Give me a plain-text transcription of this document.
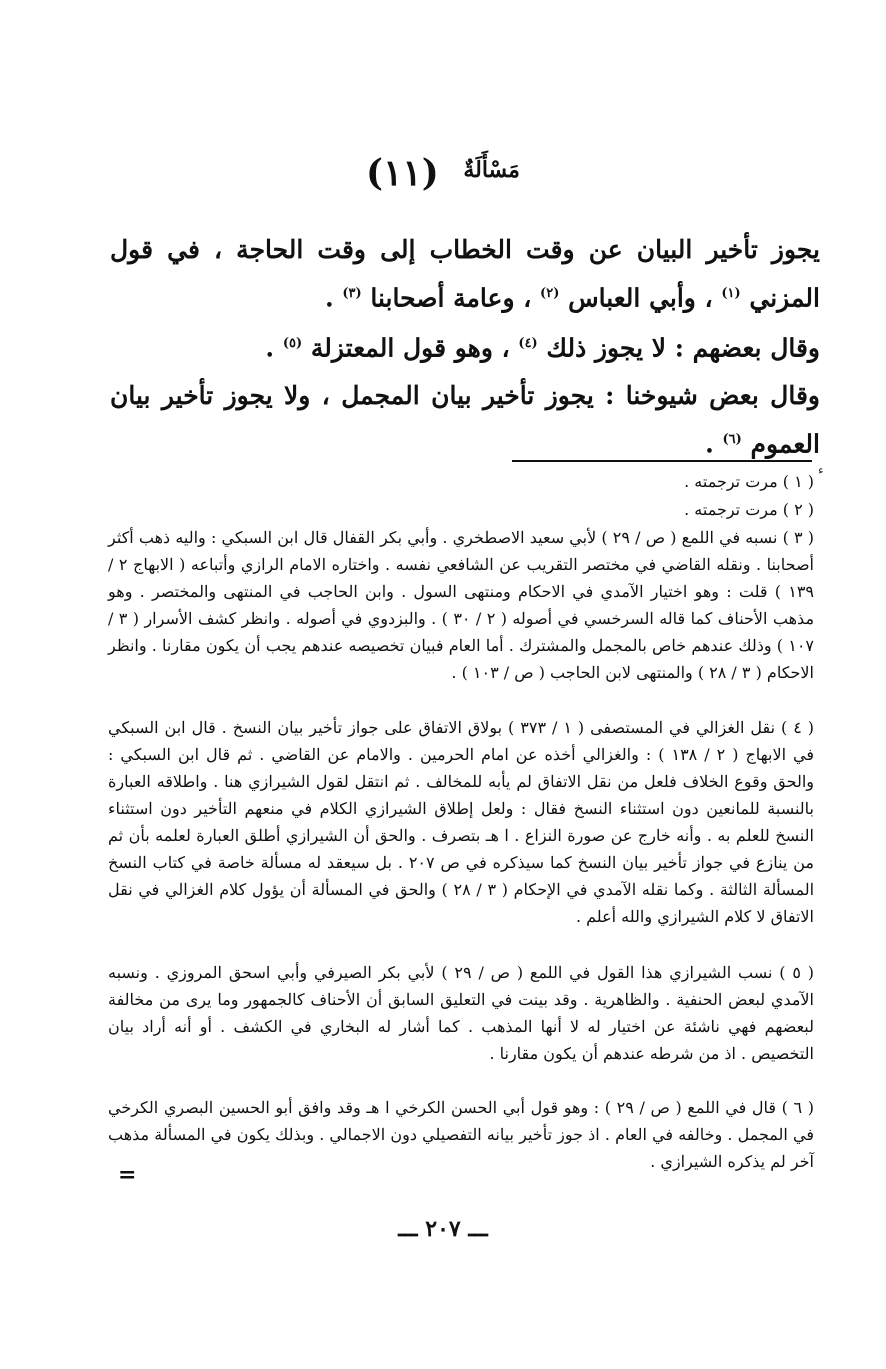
$^{مَسْأَلَةٌ}$ (١١)
يجوز تأخير البيان عن وقت الخطاب إلى وقت الحاجة ، في قول المزني $^{(١)}$ ، وأبي العباس $^{(٢)}$ ، وعامة أصحابنا $^{(٣)}$ .
وقال بعضهم : لا يجوز ذلك $^{(٤)}$ ، وهو قول المعتزلة $^{(٥)}$ .
وقال بعض شيوخنا : يجوز تأخير بيان المجمل ، ولا يجوز تأخير بيان العموم $^{(٦)}$ .
ء
( ١ ) مرت ترجمته .
( ٢ ) مرت ترجمته .
( ٣ ) نسبه في اللمع ( ص / ٢٩ ) لأبي سعيد الاصطخري . وأبي بكر القفال قال ابن السبكي : واليه ذهب أكثر أصحابنا . ونقله القاضي في مختصر التقريب عن الشافعي نفسه . واختاره الامام الرازي وأتباعه ( الابهاج ٢ / ١٣٩ ) قلت : وهو اختيار الآمدي في الاحكام ومنتهى السول . وابن الحاجب في المنتهى والمختصر . وهو مذهب الأحناف كما قاله السرخسي في أصوله ( ٢ / ٣٠ ) . والبزدوي في أصوله . وانظر كشف الأسرار ( ٣ / ١٠٧ ) وذلك عندهم خاص بالمجمل والمشترك . أما العام فبيان تخصيصه عندهم يجب أن يكون مقارنا . وانظر الاحكام ( ٣ / ٢٨ ) والمنتهى لابن الحاجب ( ص / ١٠٣ ) .
( ٤ ) نقل الغزالي في المستصفى ( ١ / ٣٧٣ ) بولاق الاتفاق على جواز تأخير بيان النسخ . قال ابن السبكي في الابهاج ( ٢ / ١٣٨ ) : والغزالي أخذه عن امام الحرمين . والامام عن القاضي . ثم قال ابن السبكي : والحق وقوع الخلاف فلعل من نقل الاتفاق لم يأبه للمخالف . ثم انتقل لقول الشيرازي هنا . واطلاقه العبارة بالنسبة للمانعين دون استثناء النسخ فقال : ولعل إطلاق الشيرازي الكلام في منعهم التأخير دون استثناء النسخ للعلم به . وأنه خارج عن صورة النزاع . ا هـ بتصرف . والحق أن الشيرازي أطلق العبارة لعلمه بأن ثم من ينازع في جواز تأخير بيان النسخ كما سيذكره في ص ٢٠٧ . بل سيعقد له مسألة خاصة في كتاب النسخ المسألة الثالثة . وكما نقله الآمدي في الإحكام ( ٣ / ٢٨ ) والحق في المسألة أن يؤول كلام الغزالي في نقل الاتفاق لا كلام الشيرازي والله أعلم .
( ٥ ) نسب الشيرازي هذا القول في اللمع ( ص / ٢٩ ) لأبي بكر الصيرفي وأبي اسحق المروزي . ونسبه الآمدي لبعض الحنفية . والظاهرية . وقد بينت في التعليق السابق أن الأحناف كالجمهور وما يرى من مخالفة لبعضهم فهي ناشئة عن اختيار له لا أنها المذهب . كما أشار له البخاري في الكشف . أو أنه أراد بيان التخصيص . اذ من شرطه عندهم أن يكون مقارنا .
( ٦ ) قال في اللمع ( ص / ٢٩ ) : وهو قول أبي الحسن الكرخي ا هـ وقد وافق أبو الحسين البصري الكرخي في المجمل . وخالفه في العام . اذ جوز تأخير بيانه التفصيلي دون الاجمالي . وبذلك يكون في المسألة مذهب آخر لم يذكره الشيرازي .
=
ـــ ٢٠٧ ـــ
